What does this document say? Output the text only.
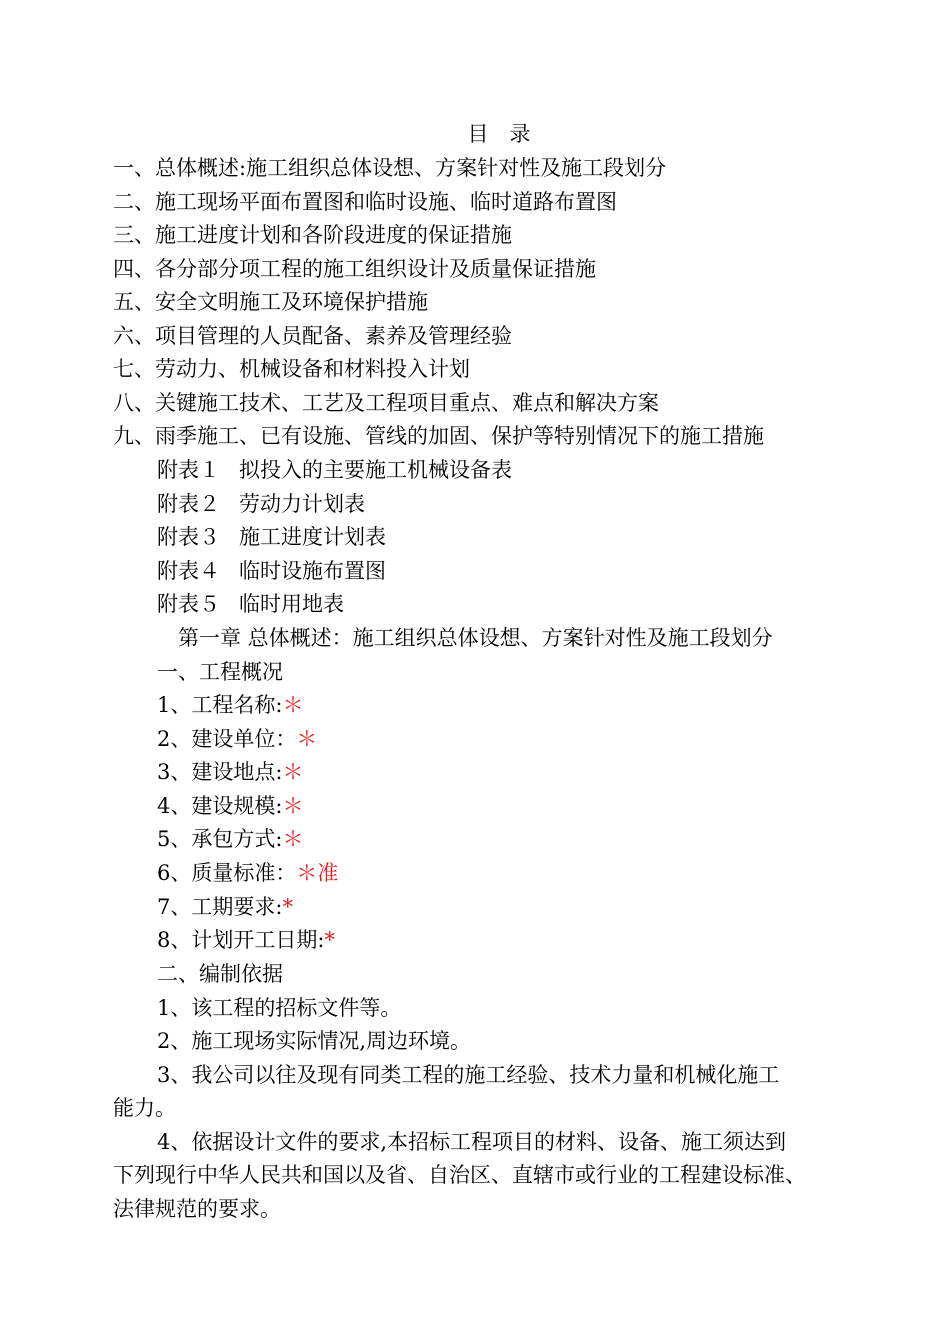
目　录
一、总体概述:施工组织总体设想、方案针对性及施工段划分
二、施工现场平面布置图和临时设施、临时道路布置图
三、施工进度计划和各阶段进度的保证措施
四、各分部分项工程的施工组织设计及质量保证措施
五、安全文明施工及环境保护措施
六、项目管理的人员配备、素养及管理经验
七、劳动力、机械设备和材料投入计划
八、关键施工技术、工艺及工程项目重点、难点和解决方案
九、雨季施工、已有设施、管线的加固、保护等特别情况下的施工措施
附表１ 拟投入的主要施工机械设备表
附表２ 劳动力计划表
附表３ 施工进度计划表
附表４ 临时设施布置图
附表５ 临时用地表
第一章 总体概述：施工组织总体设想、方案针对性及施工段划分
一、工程概况
1、工程名称:＊
2、建设单位：＊
3、建设地点:＊
4、建设规模:＊
5、承包方式:＊
6、质量标准：＊准
7、工期要求:*
8、计划开工日期:*
二、编制依据
1、该工程的招标文件等。
2、施工现场实际情况,周边环境。
3、我公司以往及现有同类工程的施工经验、技术力量和机械化施工
能力。
4、依据设计文件的要求,本招标工程项目的材料、设备、施工须达到
下列现行中华人民共和国以及省、自治区、直辖市或行业的工程建设标准、
法律规范的要求。
